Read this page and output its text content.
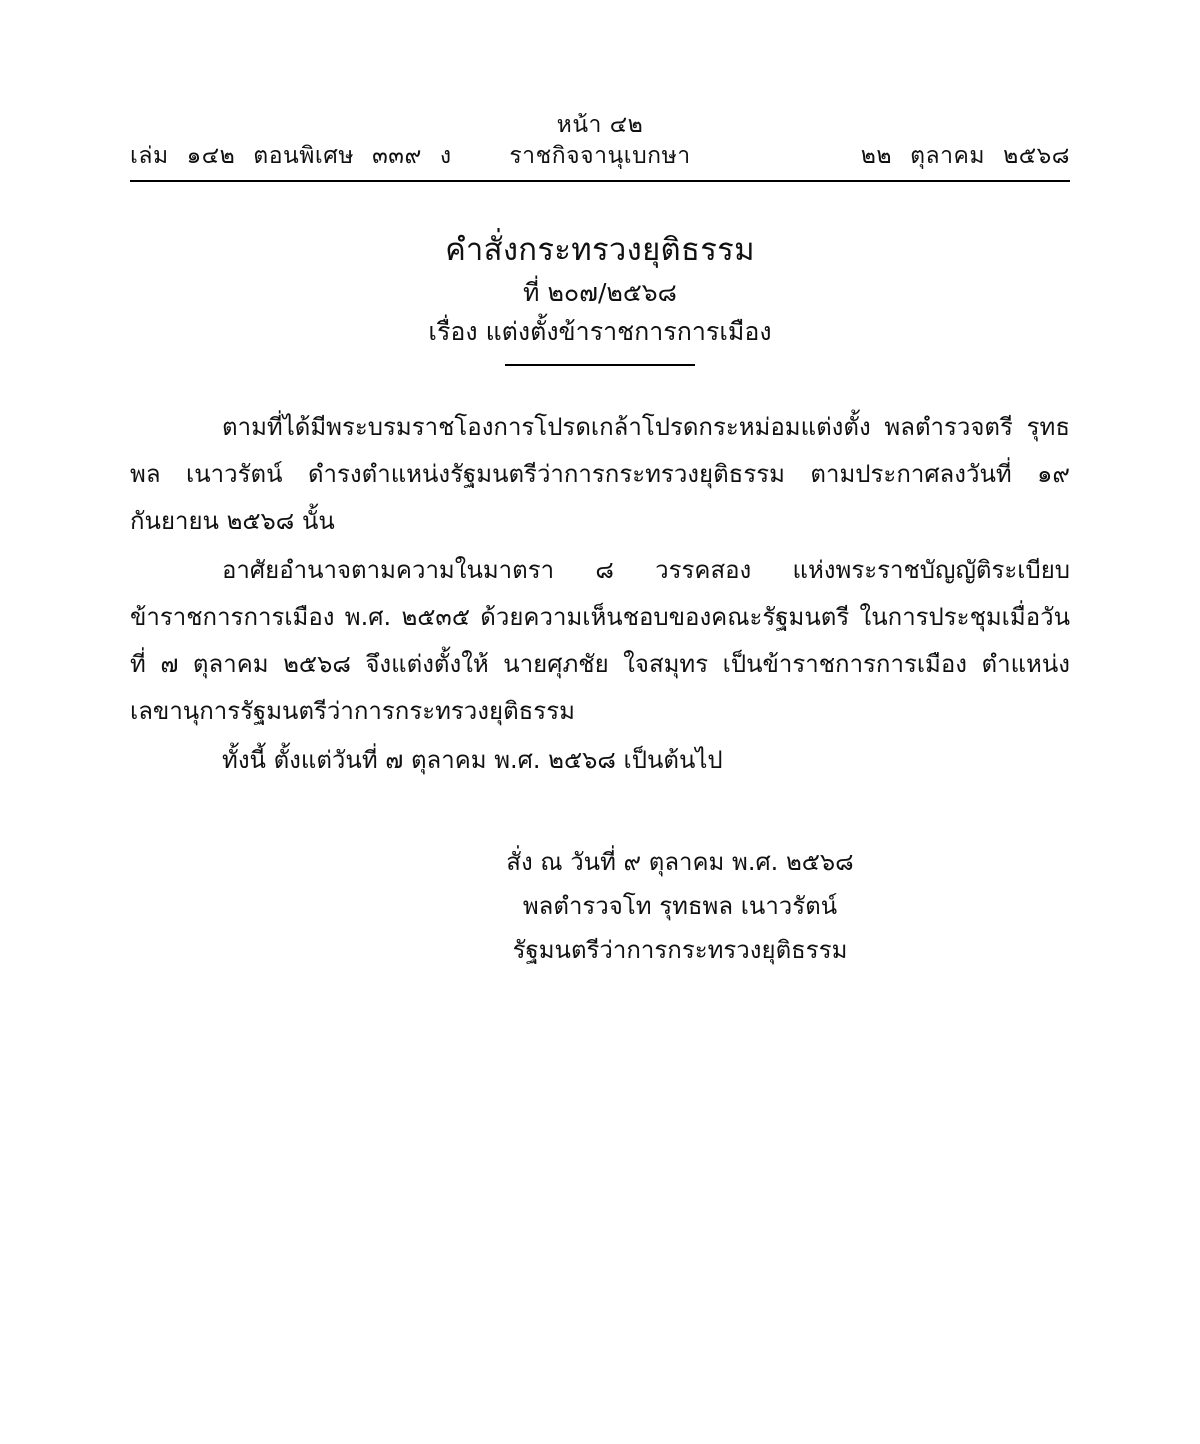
หน้า ๔๒
เล่ม ๑๔๒ ตอนพิเศษ ๓๓๙ ง	ราชกิจจานุเบกษา	๒๒ ตุลาคม ๒๕๖๘
คำสั่งกระทรวงยุติธรรม
ที่ ๒๐๗/๒๕๖๘
เรื่อง แต่งตั้งข้าราชการการเมือง

ตามที่ได้มีพระบรมราชโองการโปรดเกล้าโปรดกระหม่อมแต่งตั้ง พลตำรวจตรี รุทธพล เนาวรัตน์ ดำรงตำแหน่งรัฐมนตรีว่าการกระทรวงยุติธรรม ตามประกาศลงวันที่ ๑๙ กันยายน ๒๕๖๘ นั้น

อาศัยอำนาจตามความในมาตรา ๘ วรรคสอง แห่งพระราชบัญญัติระเบียบข้าราชการการเมือง พ.ศ. ๒๕๓๕ ด้วยความเห็นชอบของคณะรัฐมนตรี ในการประชุมเมื่อวันที่ ๗ ตุลาคม ๒๕๖๘ จึงแต่งตั้งให้ นายศุภชัย ใจสมุทร เป็นข้าราชการการเมือง ตำแหน่ง เลขานุการรัฐมนตรีว่าการกระทรวงยุติธรรม

ทั้งนี้ ตั้งแต่วันที่ ๗ ตุลาคม พ.ศ. ๒๕๖๘ เป็นต้นไป

สั่ง ณ วันที่ ๙ ตุลาคม พ.ศ. ๒๕๖๘
พลตำรวจโท รุทธพล เนาวรัตน์
รัฐมนตรีว่าการกระทรวงยุติธรรม
